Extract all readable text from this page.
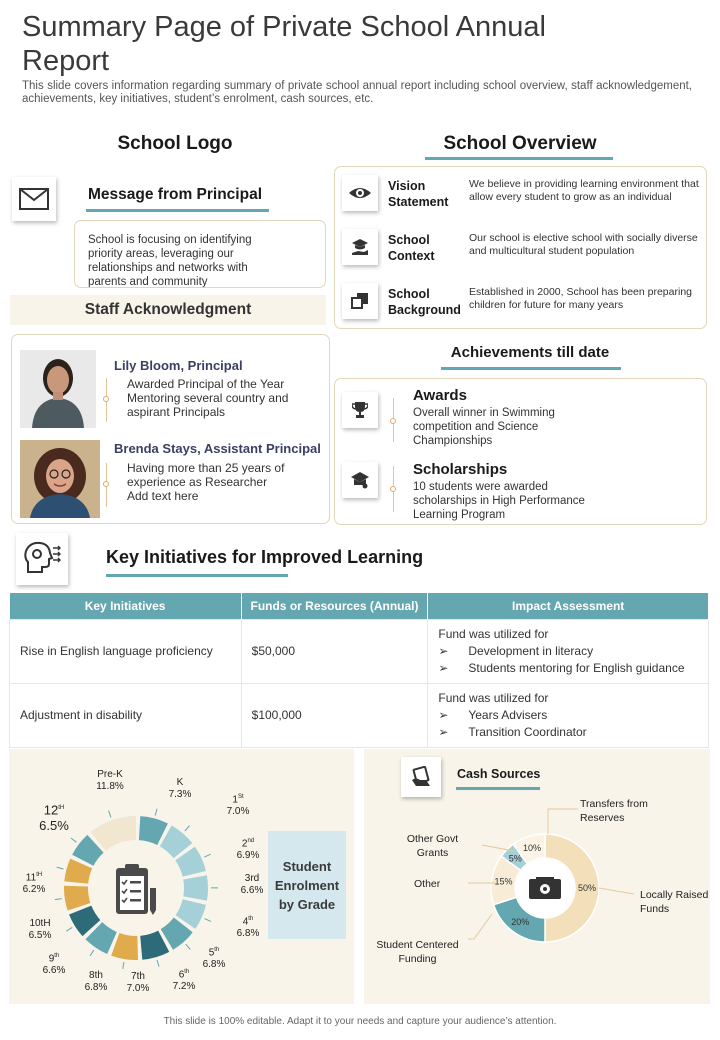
Summary Page of Private School Annual Report
This slide covers information regarding summary of private school annual report including school overview, staff acknowledgement, achievements, key initiatives, student’s enrolment, cash sources, etc.
School Logo
Message from Principal
School is focusing on identifying priority areas, leveraging our relationships and networks with parents and community
Staff Acknowledgment
Lily Bloom, Principal
Awarded Principal of the Year
Mentoring several country and aspirant Principals
Brenda Stays, Assistant Principal
Having more than 25 years of experience as Researcher
Add text here
School Overview
Vision Statement
We believe in providing learning environment that allow every student to grow as an individual
School Context
Our school is elective school with socially diverse and multicultural student population
School Background
Established in 2000, School has been preparing children for future for many years
Achievements till date
Awards
Overall winner in Swimming competition and Science Championships
Scholarships
10 students were awarded scholarships in High Performance Learning Program
Key Initiatives for Improved Learning
Key Initiatives	Funds or Resources (Annual)	Impact Assessment
Rise in English language proficiency	$50,000	Fund was utilized for
➢ Development in literacy
➢ Students mentoring for English guidance

Adjustment in disability	$100,000	Fund was utilized for
➢ Years Advisers
➢ Transition Coordinator
Student Enrolment by Grade
Pre-K
11.8%	K
7.3%	1St
7.0%
2nd
6.9%
3rd
6.6%
4th
6.8%
5th
6.8%
6th
7.2%
7th
7.0%
8th
6.8%
9th
6.6%
10tH
6.5%
11tH
6.2%
12tH
6.5%
Cash Sources
50%
20%
15%
5%
10%
Transfers from Reserves
Other Govt Grants
Other
Locally Raised Funds
Student Centered Funding
This slide is 100% editable. Adapt it to your needs and capture your audience’s attention.
